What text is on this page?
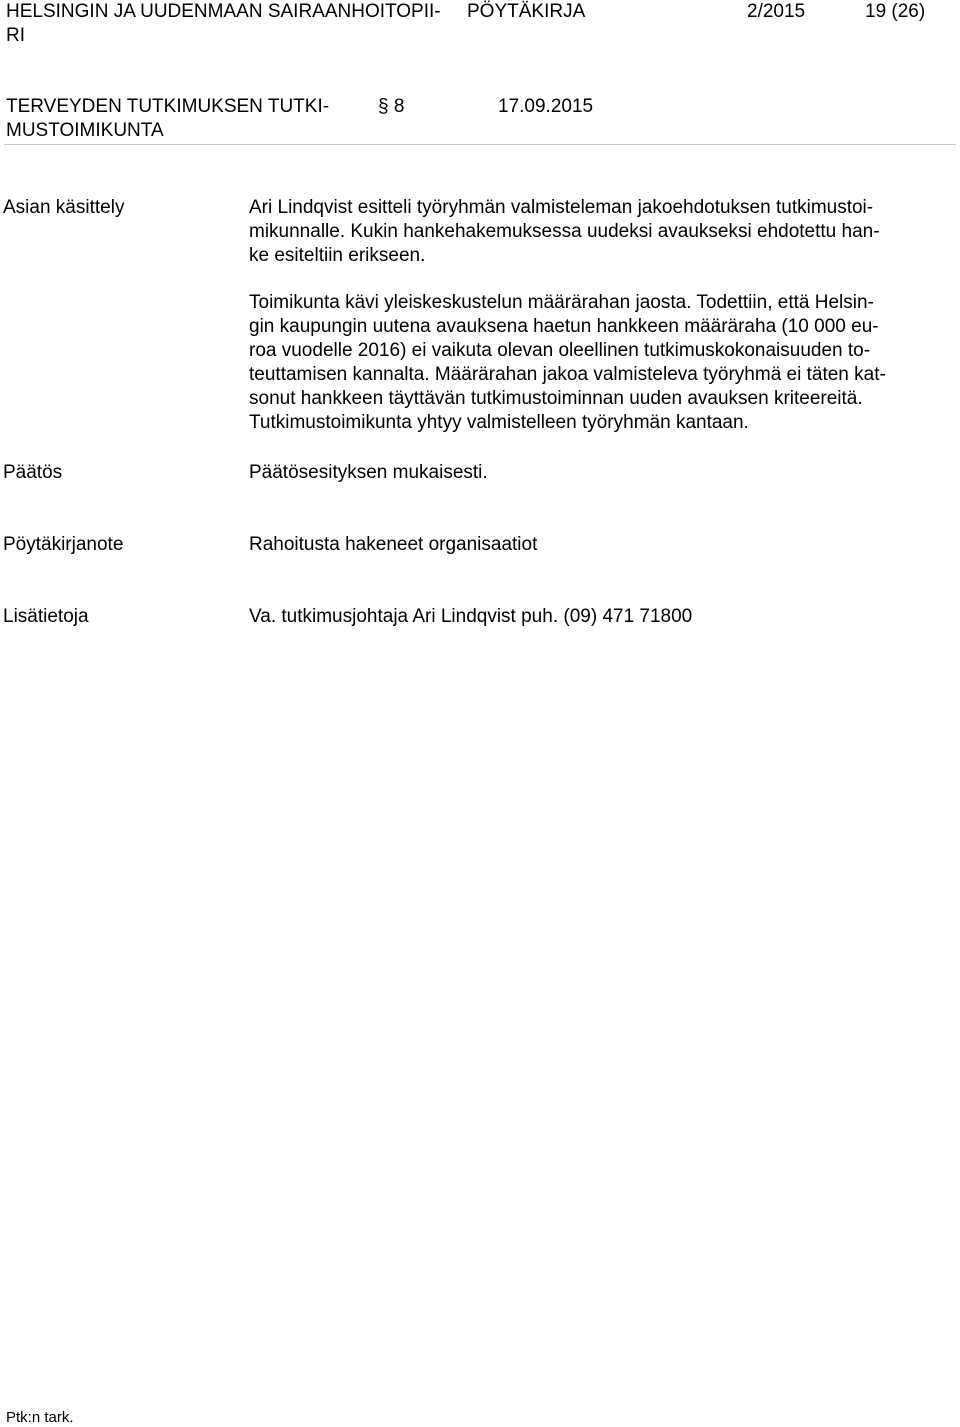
HELSINGIN JA UUDENMAAN SAIRAANHOITOPII-
RI
PÖYTÄKIRJA	2/2015	19 (26)
TERVEYDEN TUTKIMUKSEN TUTKI-
MUSTOIMIKUNTA
§ 8	17.09.2015
Asian käsittely	Ari Lindqvist esitteli työryhmän valmisteleman jakoehdotuksen tutkimustoi-

mikunnalle. Kukin hankehakemuksessa uudeksi avaukseksi ehdotettu han-

ke esiteltiin erikseen.

Toimikunta kävi yleiskeskustelun määrärahan jaosta. Todettiin, että Helsin-

gin kaupungin uutena avauksena haetun hankkeen määräraha (10 000 eu-

roa vuodelle 2016) ei vaikuta olevan oleellinen tutkimuskokonaisuuden to-

teuttamisen kannalta. Määrärahan jakoa valmisteleva työryhmä ei täten kat-

sonut hankkeen täyttävän tutkimustoiminnan uuden avauksen kriteereitä.

Tutkimustoimikunta yhtyy valmistelleen työryhmän kantaan.

Päätös	Päätösesityksen mukaisesti.

Pöytäkirjanote	Rahoitusta hakeneet organisaatiot

Lisätietoja	Va. tutkimusjohtaja Ari Lindqvist puh. (09) 471 71800

Ptk:n tark.
